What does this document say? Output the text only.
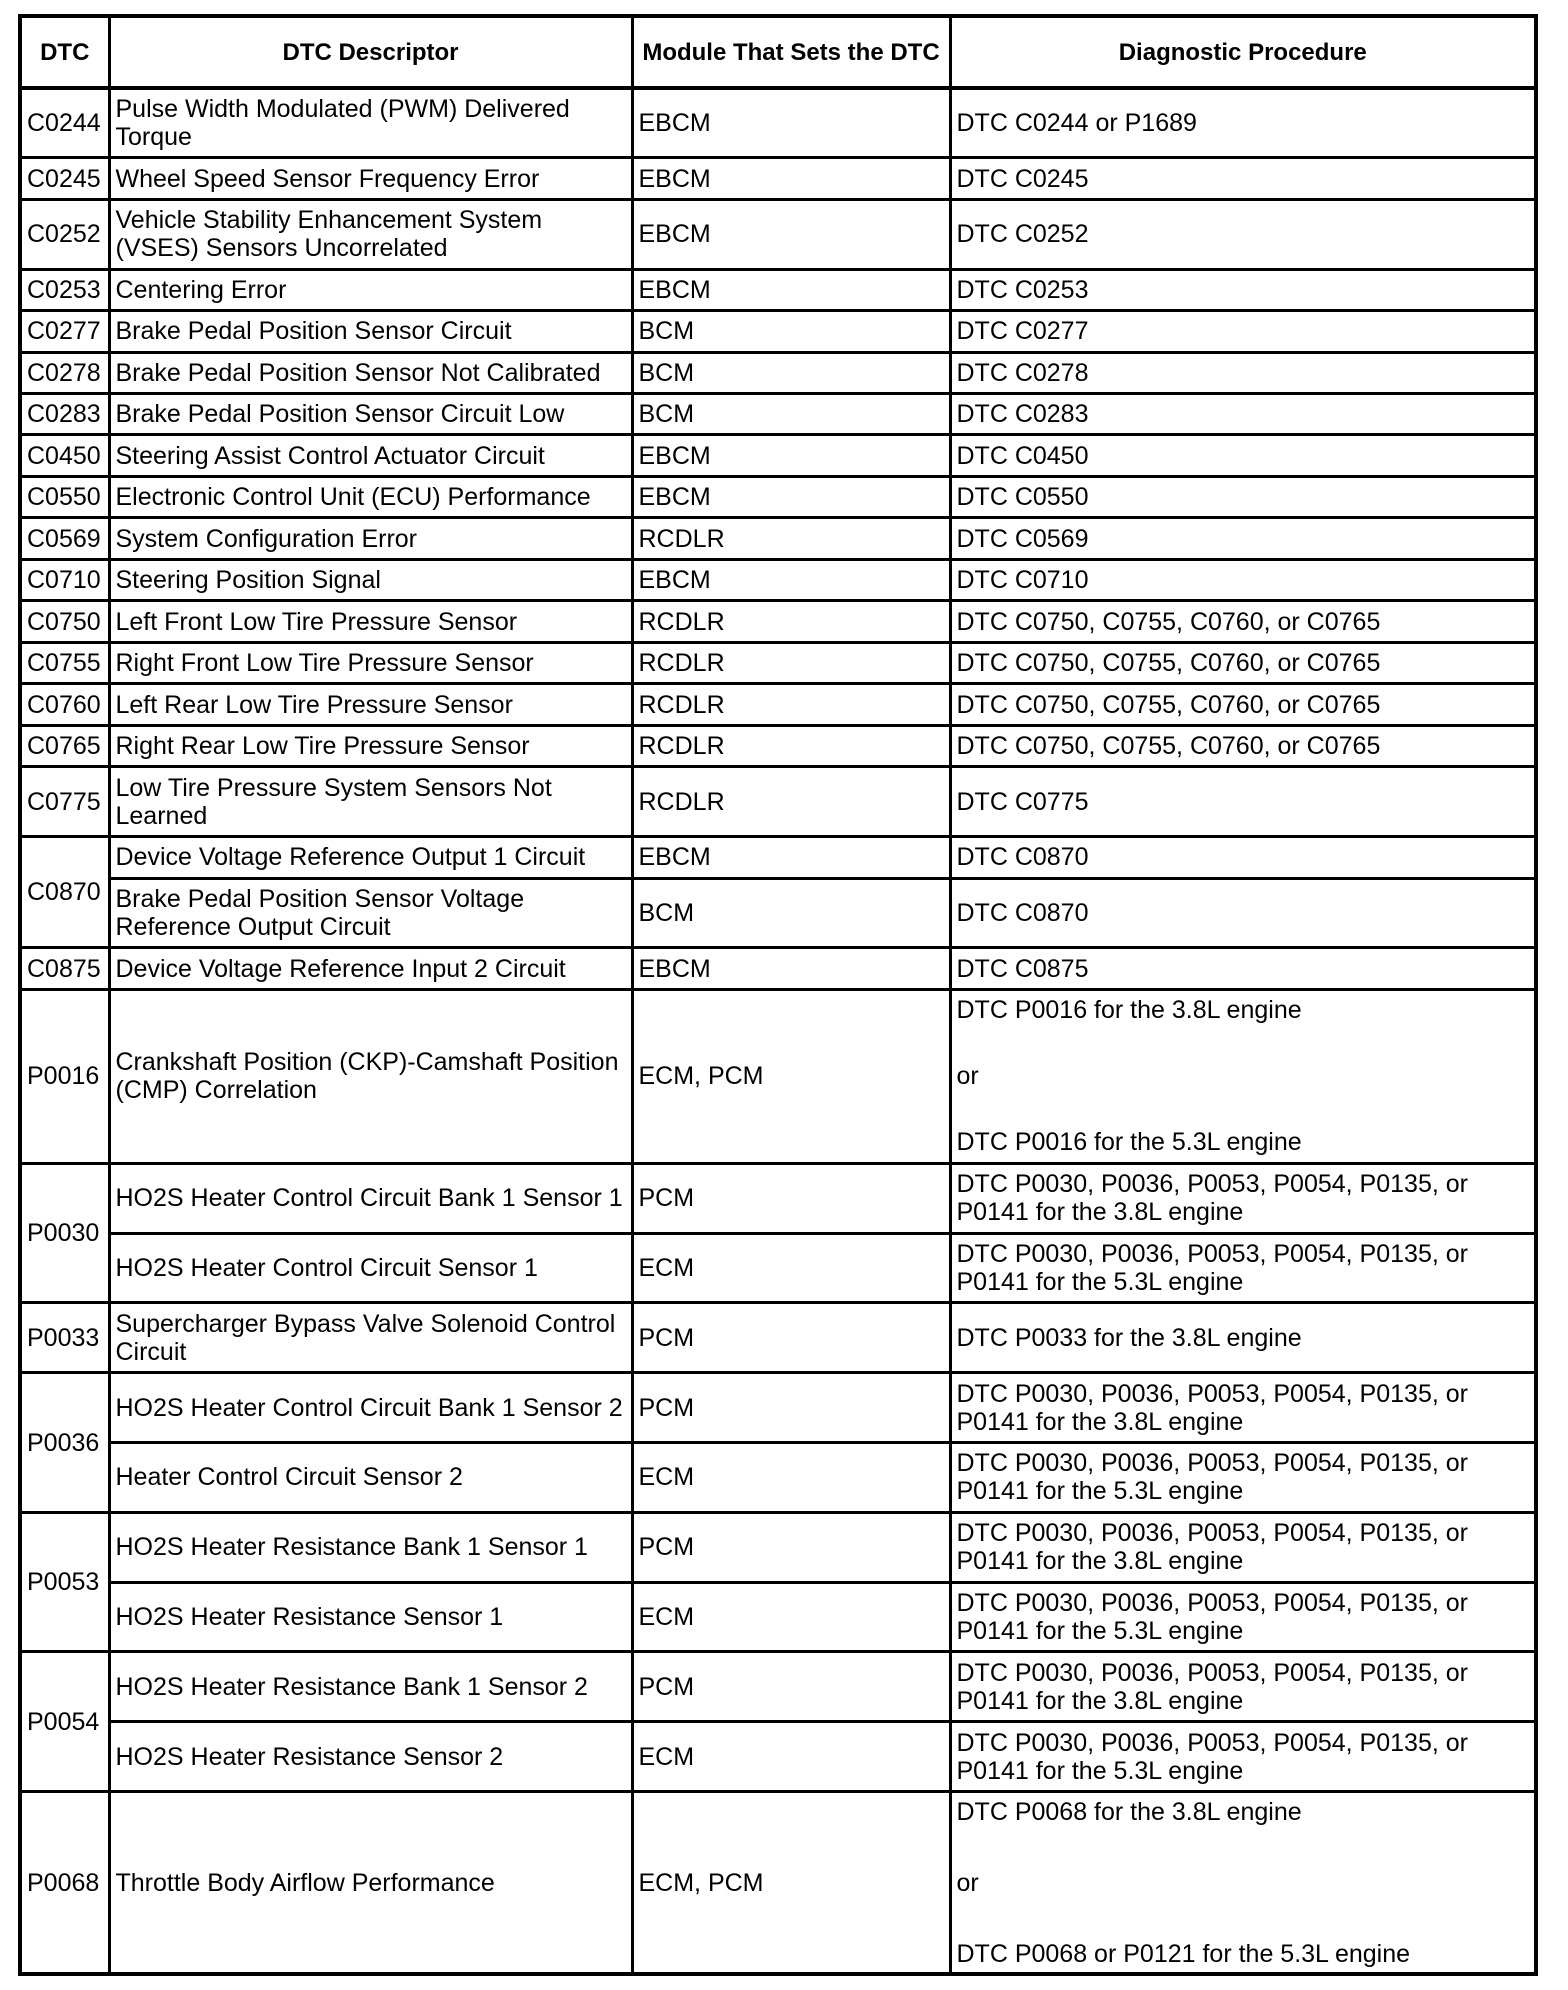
DTC	DTC Descriptor	Module That Sets the DTC	Diagnostic Procedure
C0244	Pulse Width Modulated (PWM) Delivered Torque	EBCM	DTC C0244 or P1689
C0245	Wheel Speed Sensor Frequency Error	EBCM	DTC C0245
C0252	Vehicle Stability Enhancement System (VSES) Sensors Uncorrelated	EBCM	DTC C0252
C0253	Centering Error	EBCM	DTC C0253
C0277	Brake Pedal Position Sensor Circuit	BCM	DTC C0277
C0278	Brake Pedal Position Sensor Not Calibrated	BCM	DTC C0278
C0283	Brake Pedal Position Sensor Circuit Low	BCM	DTC C0283
C0450	Steering Assist Control Actuator Circuit	EBCM	DTC C0450
C0550	Electronic Control Unit (ECU) Performance	EBCM	DTC C0550
C0569	System Configuration Error	RCDLR	DTC C0569
C0710	Steering Position Signal	EBCM	DTC C0710
C0750	Left Front Low Tire Pressure Sensor	RCDLR	DTC C0750, C0755, C0760, or C0765
C0755	Right Front Low Tire Pressure Sensor	RCDLR	DTC C0750, C0755, C0760, or C0765
C0760	Left Rear Low Tire Pressure Sensor	RCDLR	DTC C0750, C0755, C0760, or C0765
C0765	Right Rear Low Tire Pressure Sensor	RCDLR	DTC C0750, C0755, C0760, or C0765
C0775	Low Tire Pressure System Sensors Not Learned	RCDLR	DTC C0775
C0870	Device Voltage Reference Output 1 Circuit	EBCM	DTC C0870
	Brake Pedal Position Sensor Voltage Reference Output Circuit	BCM	DTC C0870
C0875	Device Voltage Reference Input 2 Circuit	EBCM	DTC C0875
P0016	Crankshaft Position (CKP)-Camshaft Position (CMP) Correlation	ECM, PCM	DTC P0016 for the 3.8L engine
or
DTC P0016 for the 5.3L engine

P0030	HO2S Heater Control Circuit Bank 1 Sensor 1	PCM	DTC P0030, P0036, P0053, P0054, P0135, or P0141 for the 3.8L engine
	HO2S Heater Control Circuit Sensor 1	ECM	DTC P0030, P0036, P0053, P0054, P0135, or P0141 for the 5.3L engine
P0033	Supercharger Bypass Valve Solenoid Control Circuit	PCM	DTC P0033 for the 3.8L engine
P0036	HO2S Heater Control Circuit Bank 1 Sensor 2	PCM	DTC P0030, P0036, P0053, P0054, P0135, or P0141 for the 3.8L engine
	Heater Control Circuit Sensor 2	ECM	DTC P0030, P0036, P0053, P0054, P0135, or P0141 for the 5.3L engine
P0053	HO2S Heater Resistance Bank 1 Sensor 1	PCM	DTC P0030, P0036, P0053, P0054, P0135, or P0141 for the 3.8L engine
	HO2S Heater Resistance Sensor 1	ECM	DTC P0030, P0036, P0053, P0054, P0135, or P0141 for the 5.3L engine
P0054	HO2S Heater Resistance Bank 1 Sensor 2	PCM	DTC P0030, P0036, P0053, P0054, P0135, or P0141 for the 3.8L engine
	HO2S Heater Resistance Sensor 2	ECM	DTC P0030, P0036, P0053, P0054, P0135, or P0141 for the 5.3L engine
P0068	Throttle Body Airflow Performance	ECM, PCM	DTC P0068 for the 3.8L engine
or
DTC P0068 or P0121 for the 5.3L engine
